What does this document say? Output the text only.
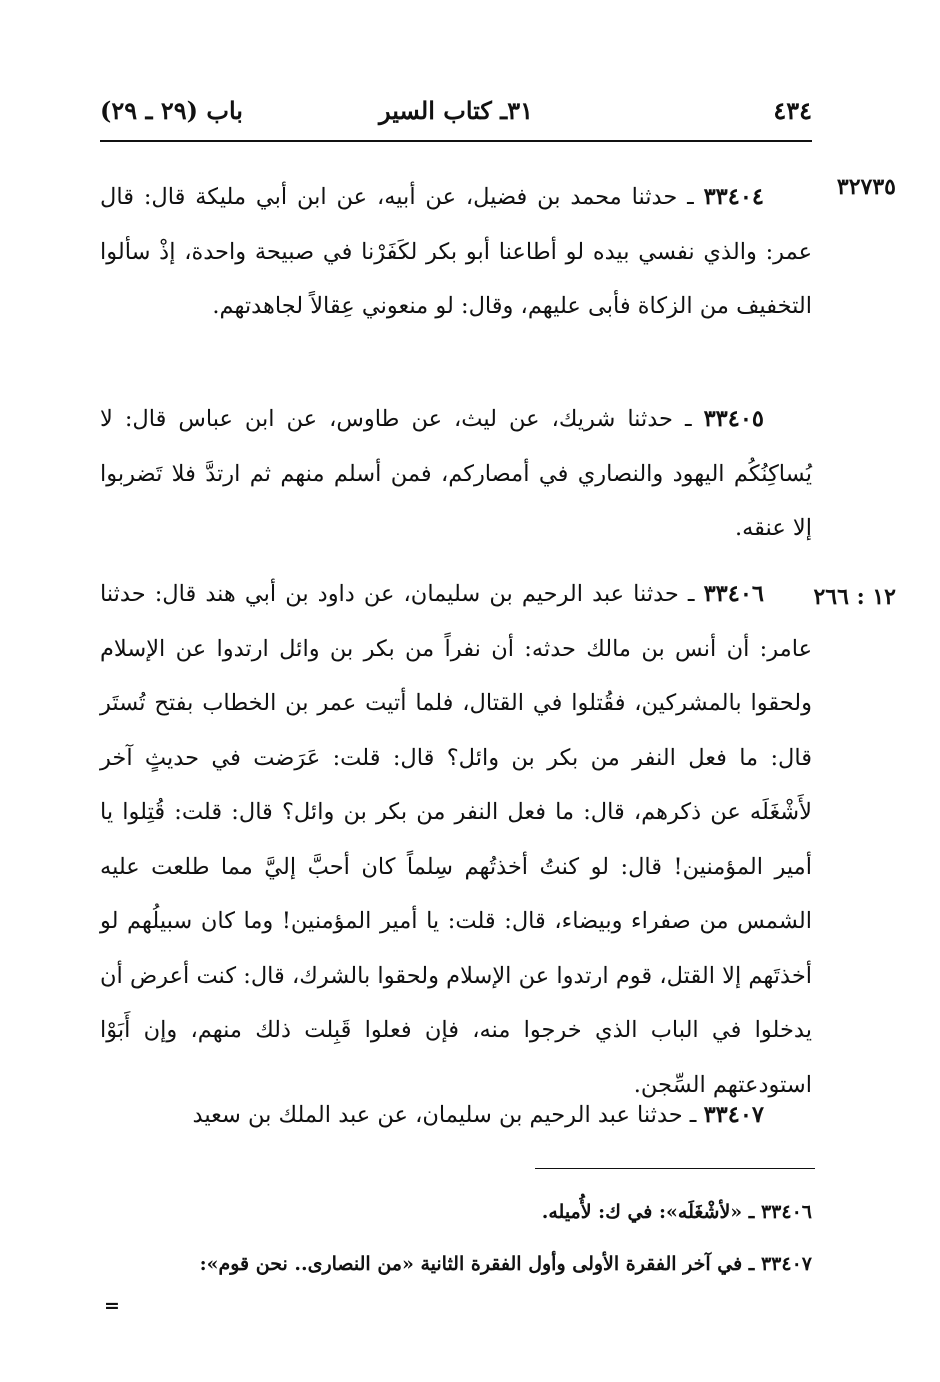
٤٣٤
٣١ـ كتاب السير
باب (٢٩ ـ ٢٩)
٣٢٧٣٥
٣٣٤٠٤ ـ حدثنا محمد بن فضيل، عن أبيه، عن ابن أبي مليكة قال: قال عمر: والذي نفسي بيده لو أطاعنا أبو بكر لكَفَرْنا في صبيحة واحدة، إذْ سألوا التخفيف من الزكاة فأبى عليهم، وقال: لو منعوني عِقالاً لجاهدتهم.
٣٣٤٠٥ ـ حدثنا شريك، عن ليث، عن طاوس، عن ابن عباس قال: لا يُساكِنُكُم اليهود والنصاري في أمصاركم، فمن أسلم منهم ثم ارتدَّ فلا تَضربوا إلا عنقه.
١٢ : ٢٦٦
٣٣٤٠٦ ـ حدثنا عبد الرحيم بن سليمان، عن داود بن أبي هند قال: حدثنا عامر: أن أنس بن مالك حدثه: أن نفراً من بكر بن وائل ارتدوا عن الإسلام ولحقوا بالمشركين، فقُتلوا في القتال، فلما أتيت عمر بن الخطاب بفتح تُستَر قال: ما فعل النفر من بكر بن وائل؟ قال: قلت: عَرَضت في حديثٍ آخر لأَشْغَلَه عن ذكرهم، قال: ما فعل النفر من بكر بن وائل؟ قال: قلت: قُتِلوا يا أمير المؤمنين! قال: لو كنتُ أخذتُهم سِلماً كان أحبَّ إليَّ مما طلعت عليه الشمس من صفراء وبيضاء، قال: قلت: يا أمير المؤمنين! وما كان سبيلُهم لو أخذتَهم إلا القتل، قوم ارتدوا عن الإسلام ولحقوا بالشرك، قال: كنت أعرض أن يدخلوا في الباب الذي خرجوا منه، فإن فعلوا قَبِلت ذلك منهم، وإن أَبَوْا استودعتهم السِّجن.
٣٣٤٠٧ ـ حدثنا عبد الرحيم بن سليمان، عن عبد الملك بن سعيد
٣٣٤٠٦ ـ «لأشْغَلَه»: في ك: لأُميله.
٣٣٤٠٧ ـ في آخر الفقرة الأولى وأول الفقرة الثانية «من النصارى.. نحن قوم»:
=
